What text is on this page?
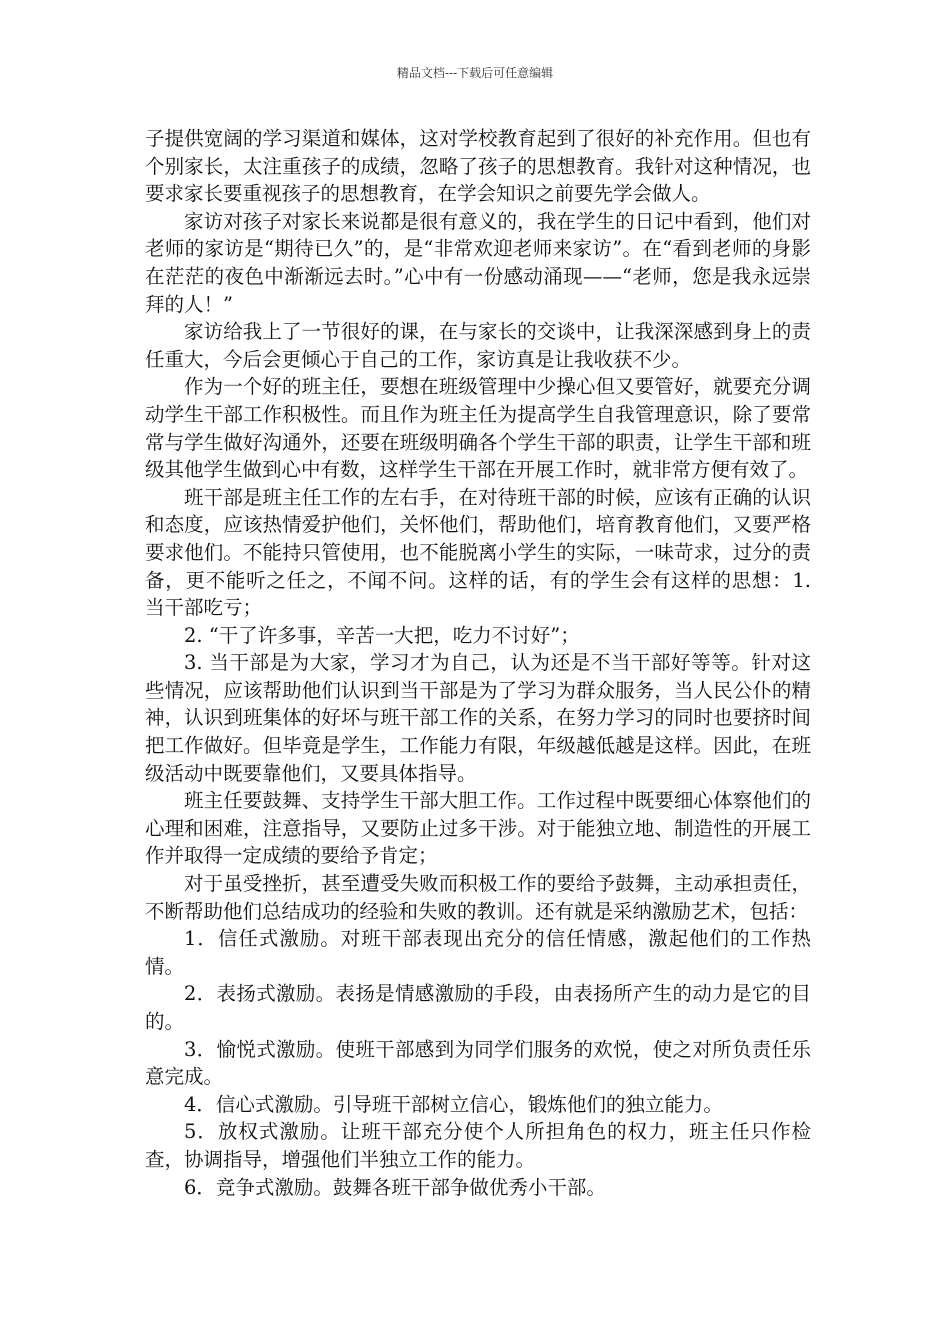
精品文档---下载后可任意编辑

子提供宽阔的学习渠道和媒体，这对学校教育起到了很好的补充作用。但也有个别家长，太注重孩子的成绩，忽略了孩子的思想教育。我针对这种情况，也要求家长要重视孩子的思想教育，在学会知识之前要先学会做人。

家访对孩子对家长来说都是很有意义的，我在学生的日记中看到，他们对老师的家访是“期待已久”的，是“非常欢迎老师来家访”。在“看到老师的身影在茫茫的夜色中渐渐远去时。”心中有一份感动涌现——“老师，您是我永远崇拜的人！”

家访给我上了一节很好的课，在与家长的交谈中，让我深深感到身上的责任重大，今后会更倾心于自己的工作，家访真是让我收获不少。

作为一个好的班主任，要想在班级管理中少操心但又要管好，就要充分调动学生干部工作积极性。而且作为班主任为提高学生自我管理意识，除了要常常与学生做好沟通外，还要在班级明确各个学生干部的职责，让学生干部和班级其他学生做到心中有数，这样学生干部在开展工作时，就非常方便有效了。

班干部是班主任工作的左右手，在对待班干部的时候，应该有正确的认识和态度，应该热情爱护他们，关怀他们，帮助他们，培育教育他们，又要严格要求他们。不能持只管使用，也不能脱离小学生的实际，一味苛求，过分的责备，更不能听之任之，不闻不问。这样的话，有的学生会有这样的思想：1. 当干部吃亏；

2. “干了许多事，辛苦一大把，吃力不讨好”；

3. 当干部是为大家，学习才为自己，认为还是不当干部好等等。针对这些情况，应该帮助他们认识到当干部是为了学习为群众服务，当人民公仆的精神，认识到班集体的好坏与班干部工作的关系，在努力学习的同时也要挤时间把工作做好。但毕竟是学生，工作能力有限，年级越低越是这样。因此，在班级活动中既要靠他们，又要具体指导。

班主任要鼓舞、支持学生干部大胆工作。工作过程中既要细心体察他们的心理和困难，注意指导，又要防止过多干涉。对于能独立地、制造性的开展工作并取得一定成绩的要给予肯定；

对于虽受挫折，甚至遭受失败而积极工作的要给予鼓舞，主动承担责任，不断帮助他们总结成功的经验和失败的教训。还有就是采纳激励艺术，包括：

1．信任式激励。对班干部表现出充分的信任情感，激起他们的工作热情。

2．表扬式激励。表扬是情感激励的手段，由表扬所产生的动力是它的目的。

3．愉悦式激励。使班干部感到为同学们服务的欢悦，使之对所负责任乐意完成。

4．信心式激励。引导班干部树立信心，锻炼他们的独立能力。

5．放权式激励。让班干部充分使个人所担角色的权力，班主任只作检查，协调指导，增强他们半独立工作的能力。

6．竞争式激励。鼓舞各班干部争做优秀小干部。
